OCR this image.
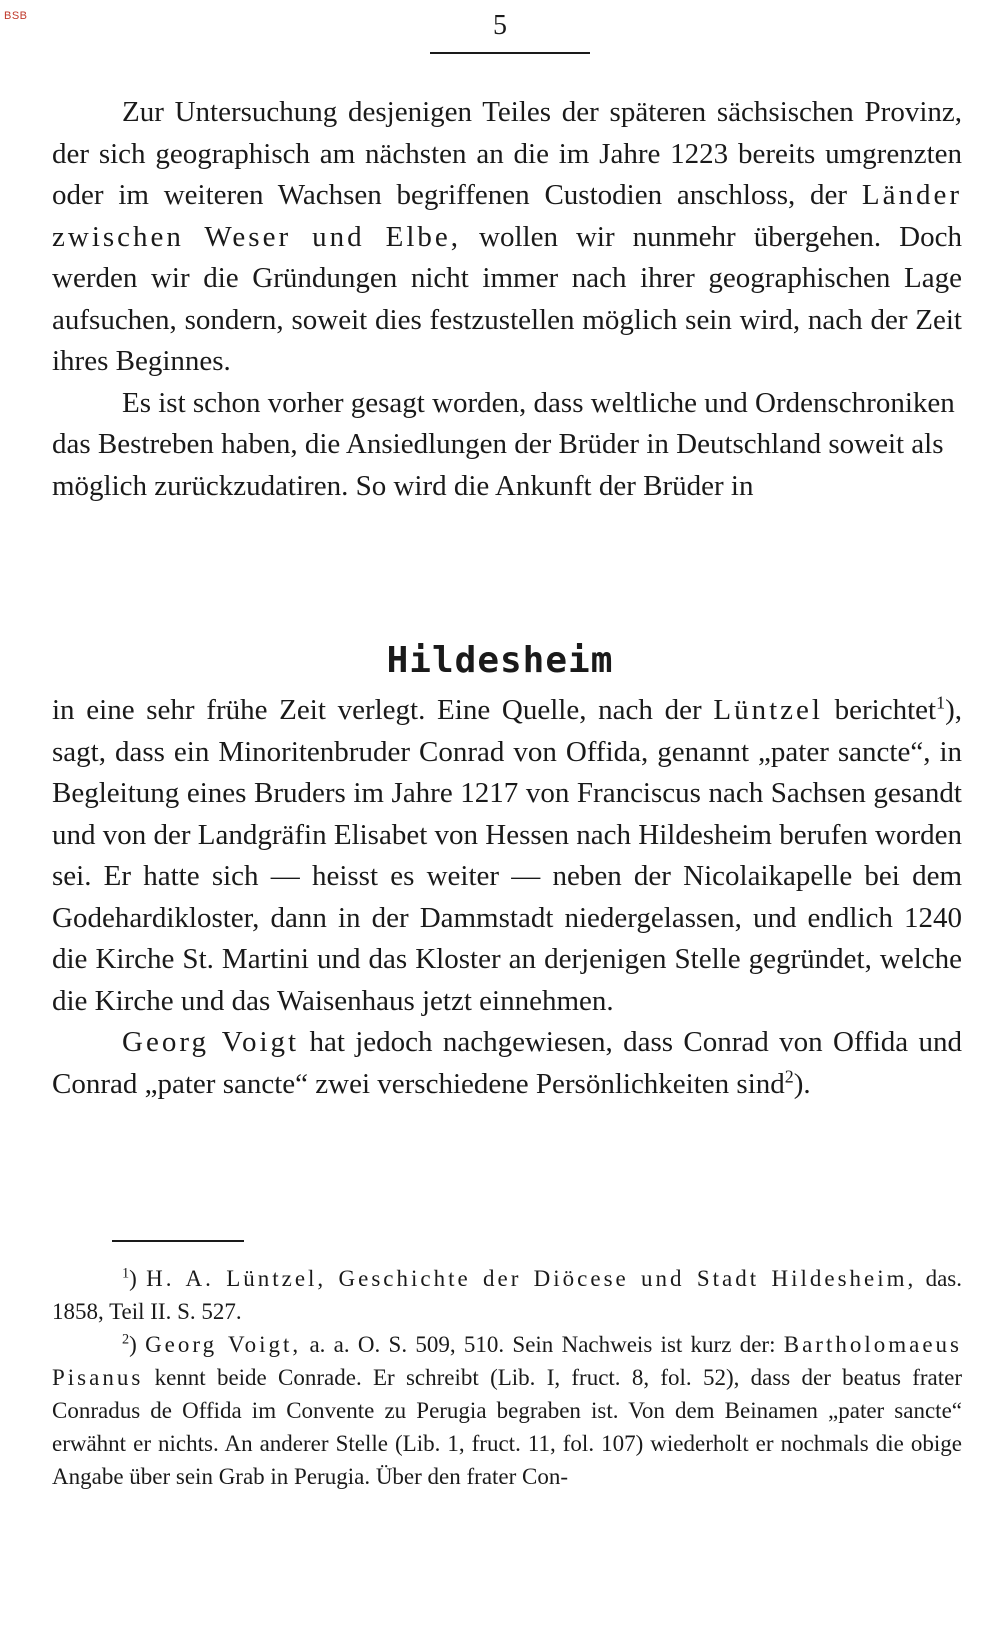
BSB	5

Zur Untersuchung desjenigen Teiles der späteren sächsischen Provinz, der sich geographisch am nächsten an die im Jahre 1223 bereits umgrenzten oder im weiteren Wachsen begriffenen Custodien anschloss, der Länder zwischen Weser und Elbe, wollen wir nunmehr übergehen. Doch werden wir die Gründungen nicht immer nach ihrer geographischen Lage aufsuchen, sondern, soweit dies festzustellen möglich sein wird, nach der Zeit ihres Beginnes.

Es ist schon vorher gesagt worden, dass weltliche und Ordenschroniken das Bestreben haben, die Ansiedlungen der Brüder in Deutschland soweit als möglich zurückzudatiren. So wird die Ankunft der Brüder in

Hildesheim

in eine sehr frühe Zeit verlegt. Eine Quelle, nach der Lüntzel berichtet$^1$), sagt, dass ein Minoritenbruder Conrad von Offida, genannt „pater sancte“, in Begleitung eines Bruders im Jahre 1217 von Franciscus nach Sachsen gesandt und von der Landgräfin Elisabet von Hessen nach Hildesheim berufen worden sei. Er hatte sich — heisst es weiter — neben der Nicolaikapelle bei dem Godehardikloster, dann in der Dammstadt niedergelassen, und endlich 1240 die Kirche St. Martini und das Kloster an derjenigen Stelle gegründet, welche die Kirche und das Waisenhaus jetzt einnehmen.

Georg Voigt hat jedoch nachgewiesen, dass Conrad von Offida und Conrad „pater sancte“ zwei verschiedene Persönlichkeiten sind$^2$).

$^1$) H. A. Lüntzel, Geschichte der Diöcese und Stadt Hildesheim, das. 1858, Teil II. S. 527.

$^2$) Georg Voigt, a. a. O. S. 509, 510. Sein Nachweis ist kurz der: Bartholomaeus Pisanus kennt beide Conrade. Er schreibt (Lib. I, fruct. 8, fol. 52), dass der beatus frater Conradus de Offida im Convente zu Perugia begraben ist. Von dem Beinamen „pater sancte“ erwähnt er nichts. An anderer Stelle (Lib. 1, fruct. 11, fol. 107) wiederholt er nochmals die obige Angabe über sein Grab in Perugia. Über den frater Con-
